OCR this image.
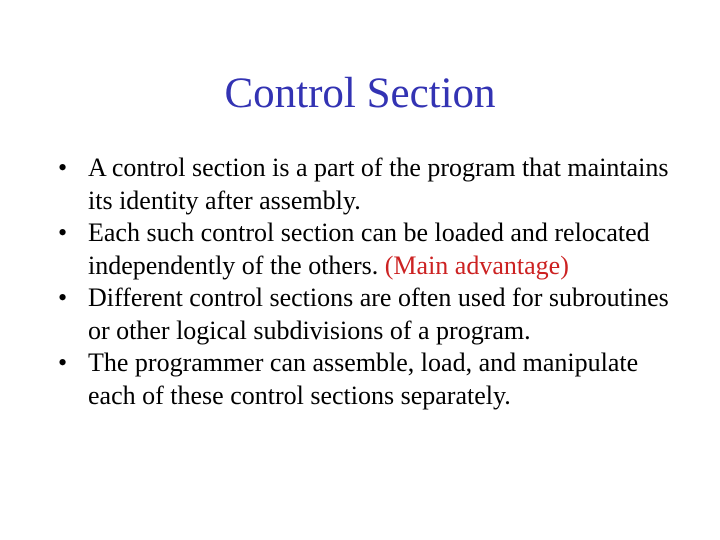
Control Section
• A control section is a part of the program that maintains its identity after assembly.
• Each such control section can be loaded and relocated independently of the others. (Main advantage)
• Different control sections are often used for subroutines or other logical subdivisions of a program.
• The programmer can assemble, load, and manipulate each of these control sections separately.
